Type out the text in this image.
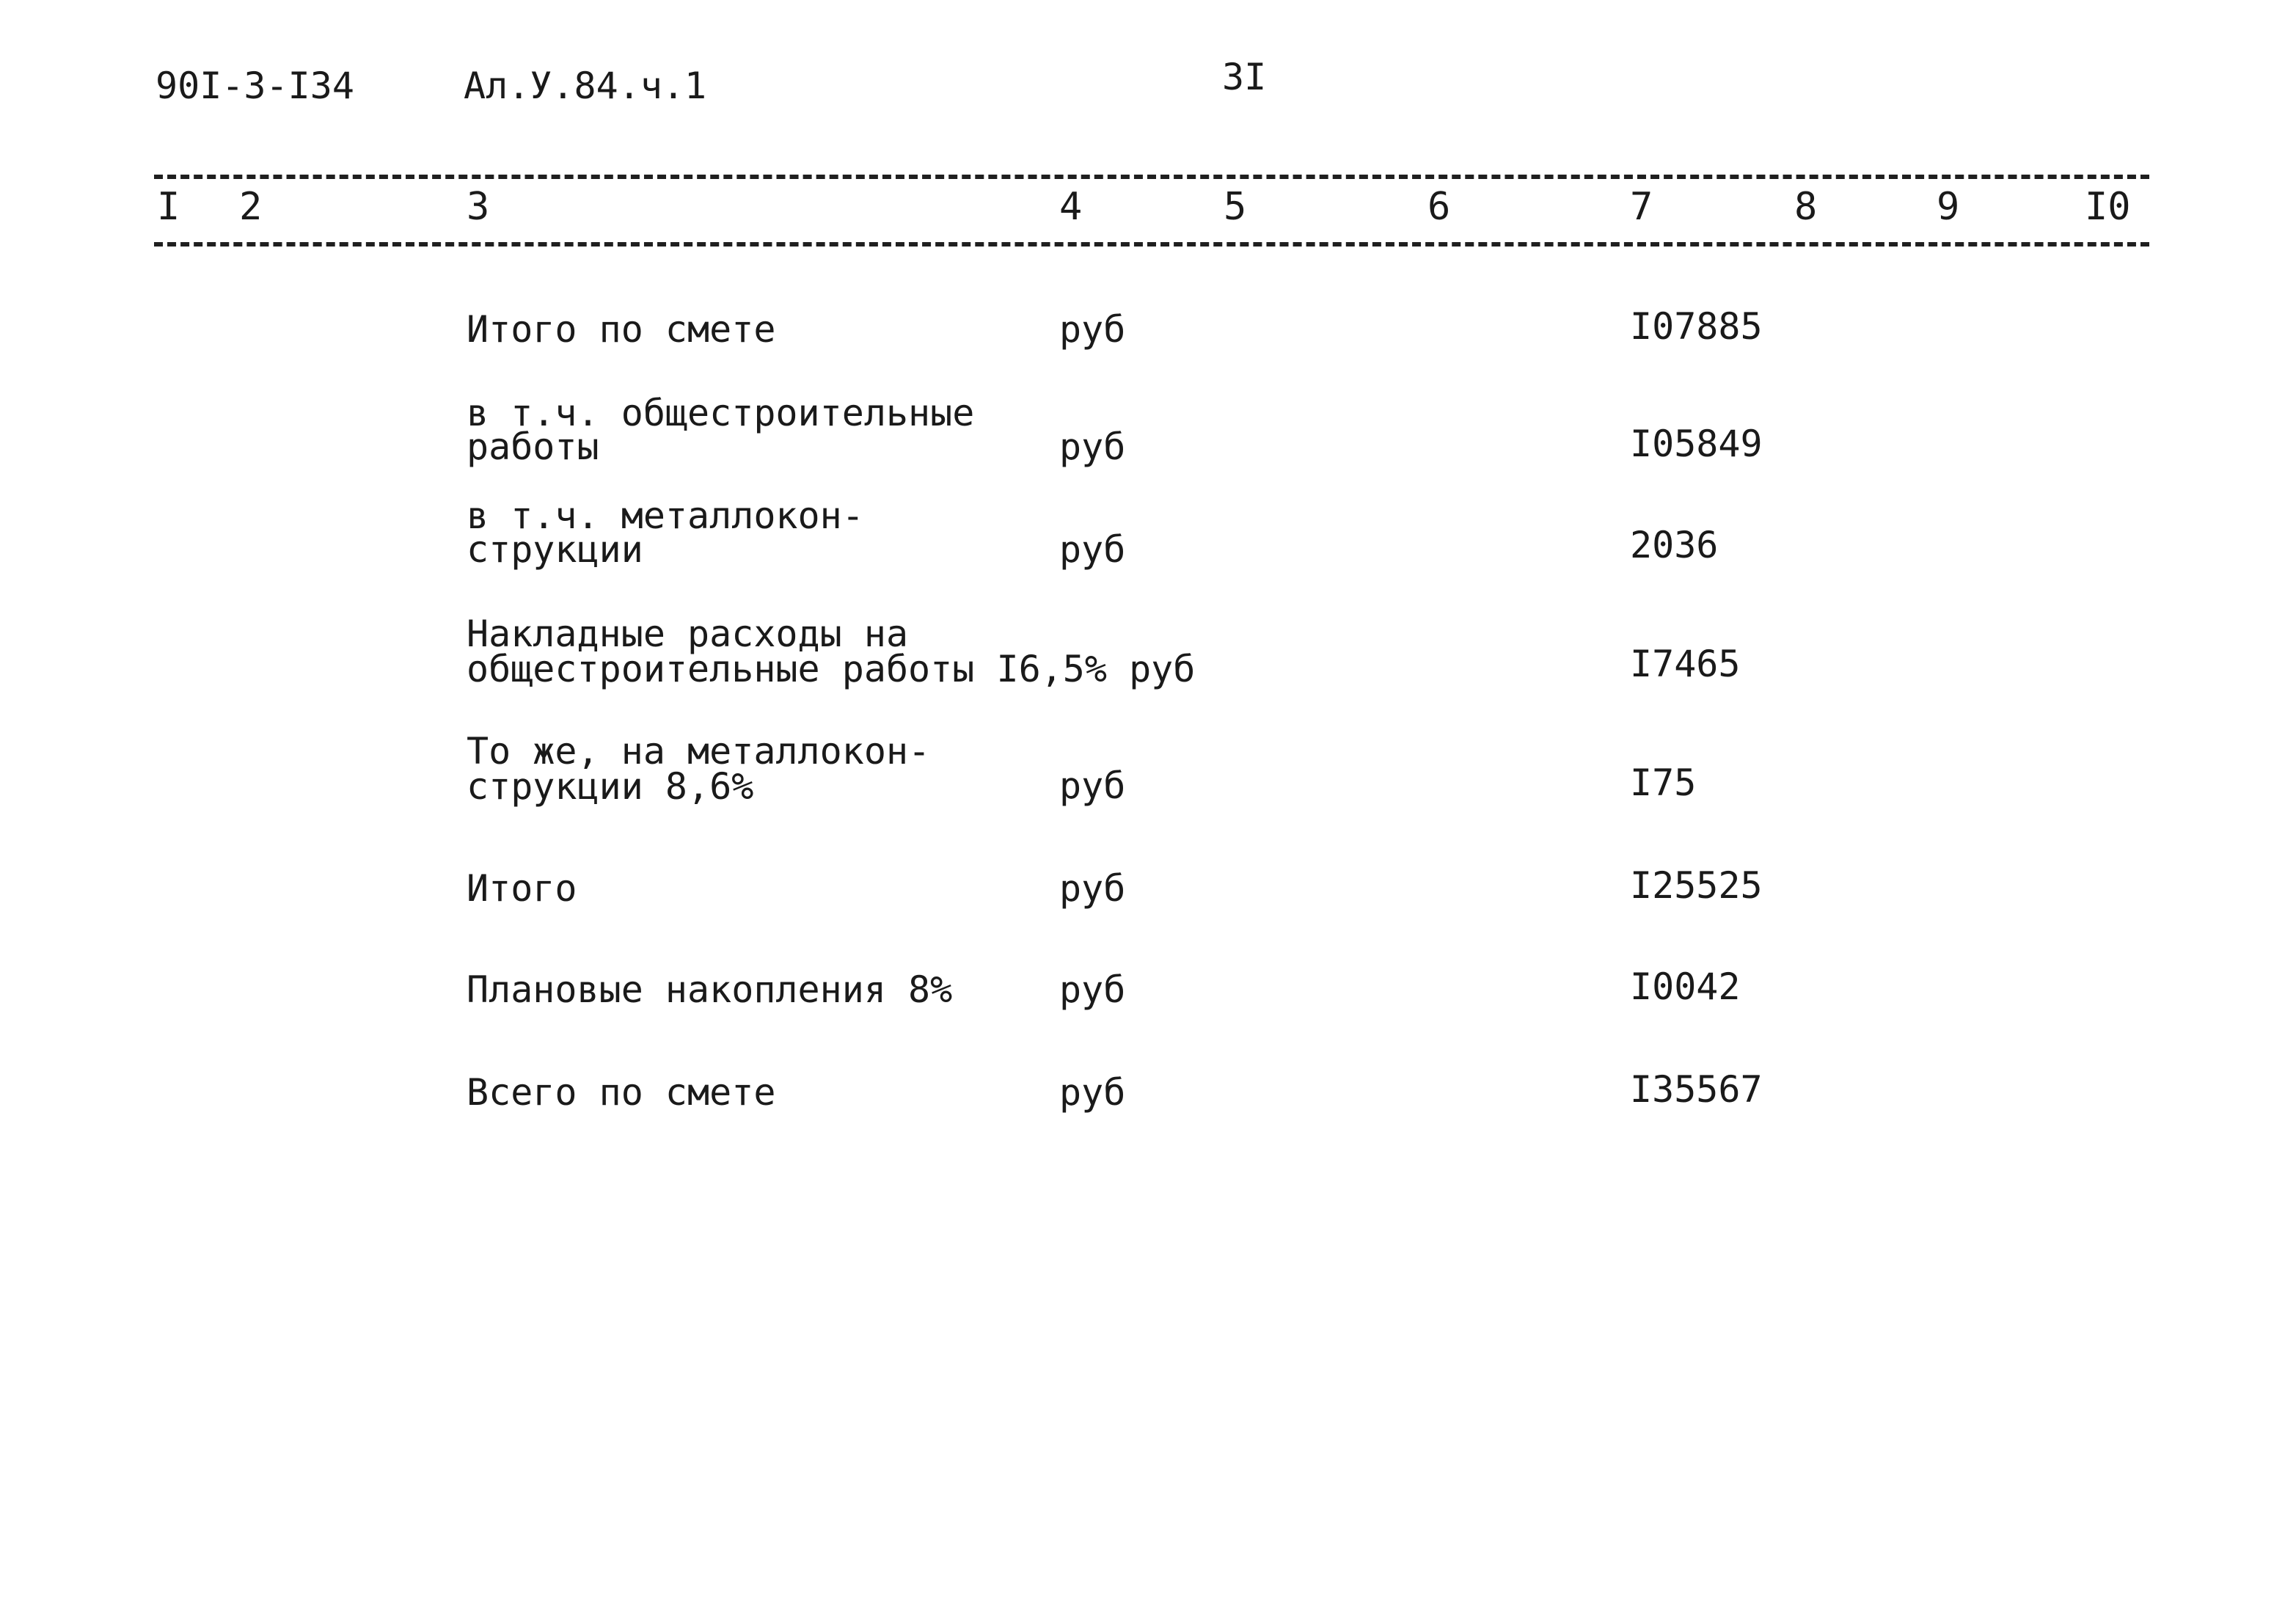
90I-3-I34	Ал.У.84.ч.1	3I
I 2	3	4	5	6	7	8	9	I0
Итого по смете	руб	I07885
в т.ч. общестроительные
работы	руб	I05849
в т.ч. металлокон-
струкции	руб	2036
Накладные расходы на
общестроительные работы I6,5% руб	I7465
То же, на металлокон-
струкции 8,6%	руб	I75
Итого	руб	I25525
Плановые накопления 8%	руб	I0042
Всего по смете	руб	I35567
